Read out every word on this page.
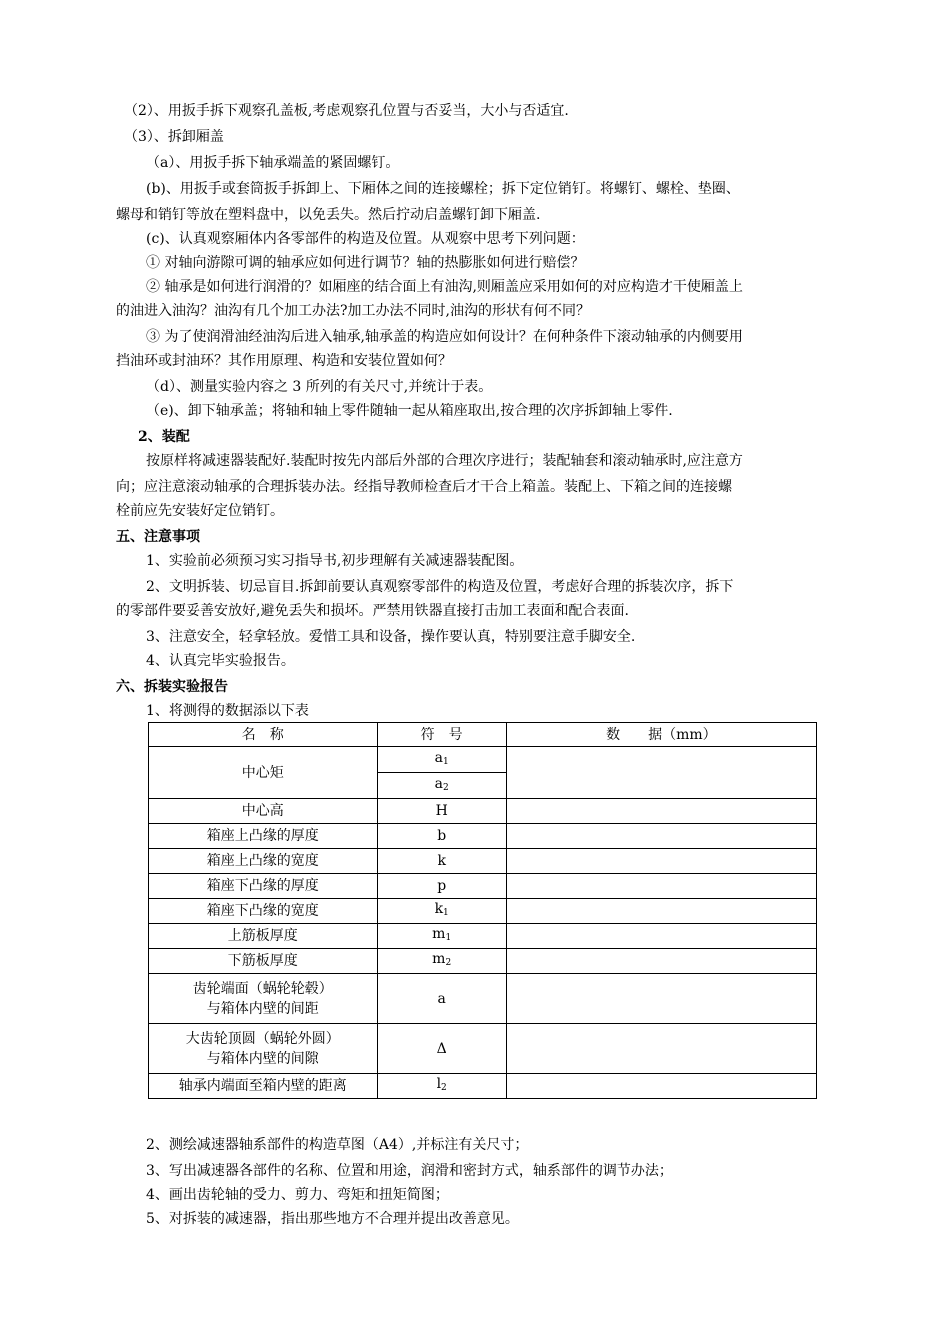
（2）、用扳手拆下观察孔盖板,考虑观察孔位置与否妥当，大小与否适宜.
（3）、拆卸厢盖
（a）、用扳手拆下轴承端盖的紧固螺钉。
(b)、用扳手或套筒扳手拆卸上、下厢体之间的连接螺栓；拆下定位销钉。将螺钉、螺栓、垫圈、
螺母和销钉等放在塑料盘中，以免丢失。然后拧动启盖螺钉卸下厢盖.
(c)、认真观察厢体内各零部件的构造及位置。从观察中思考下列问题：
① 对轴向游隙可调的轴承应如何进行调节？轴的热膨胀如何进行赔偿？
② 轴承是如何进行润滑的？如厢座的结合面上有油沟,则厢盖应采用如何的对应构造才干使厢盖上
的油进入油沟？油沟有几个加工办法?加工办法不同时,油沟的形状有何不同？
③ 为了使润滑油经油沟后进入轴承,轴承盖的构造应如何设计？在何种条件下滚动轴承的内侧要用
挡油环或封油环？其作用原理、构造和安装位置如何？
（d）、测量实验内容之 3 所列的有关尺寸,并统计于表。
（e)、卸下轴承盖；将轴和轴上零件随轴一起从箱座取出,按合理的次序拆卸轴上零件.
2、装配
按原样将减速器装配好.装配时按先内部后外部的合理次序进行；装配轴套和滚动轴承时,应注意方
向；应注意滚动轴承的合理拆装办法。经指导教师检查后才干合上箱盖。装配上、下箱之间的连接螺
栓前应先安装好定位销钉。
五、注意事项
1、实验前必须预习实习指导书,初步理解有关减速器装配图。
2、文明拆装、切忌盲目.拆卸前要认真观察零部件的构造及位置，考虑好合理的拆装次序，拆下
的零部件要妥善安放好,避免丢失和损坏。严禁用铁器直接打击加工表面和配合表面.
3、注意安全，轻拿轻放。爱惜工具和设备，操作要认真，特别要注意手脚安全.
4、认真完毕实验报告。
六、拆装实验报告
1、将测得的数据添以下表
名　称	符　号	数　　据（mm）
中心矩	$a_1$	
	$a_2$
中心高	H	
箱座上凸缘的厚度	b	
箱座上凸缘的宽度	k	
箱座下凸缘的厚度	p	
箱座下凸缘的宽度	$k_1$	
上筋板厚度	$m_1$	
下筋板厚度	$m_2$	

齿轮端面（蜗轮轮毂）
与箱体内壁的间距	a	

大齿轮顶圆（蜗轮外圆）
与箱体内壁的间隙	Δ	
轴承内端面至箱内壁的距离	$l_2$	
2、测绘减速器轴系部件的构造草图（A4）,并标注有关尺寸；
3、写出减速器各部件的名称、位置和用途，润滑和密封方式，轴系部件的调节办法；
4、画出齿轮轴的受力、剪力、弯矩和扭矩简图；
5、对拆装的减速器，指出那些地方不合理并提出改善意见。
